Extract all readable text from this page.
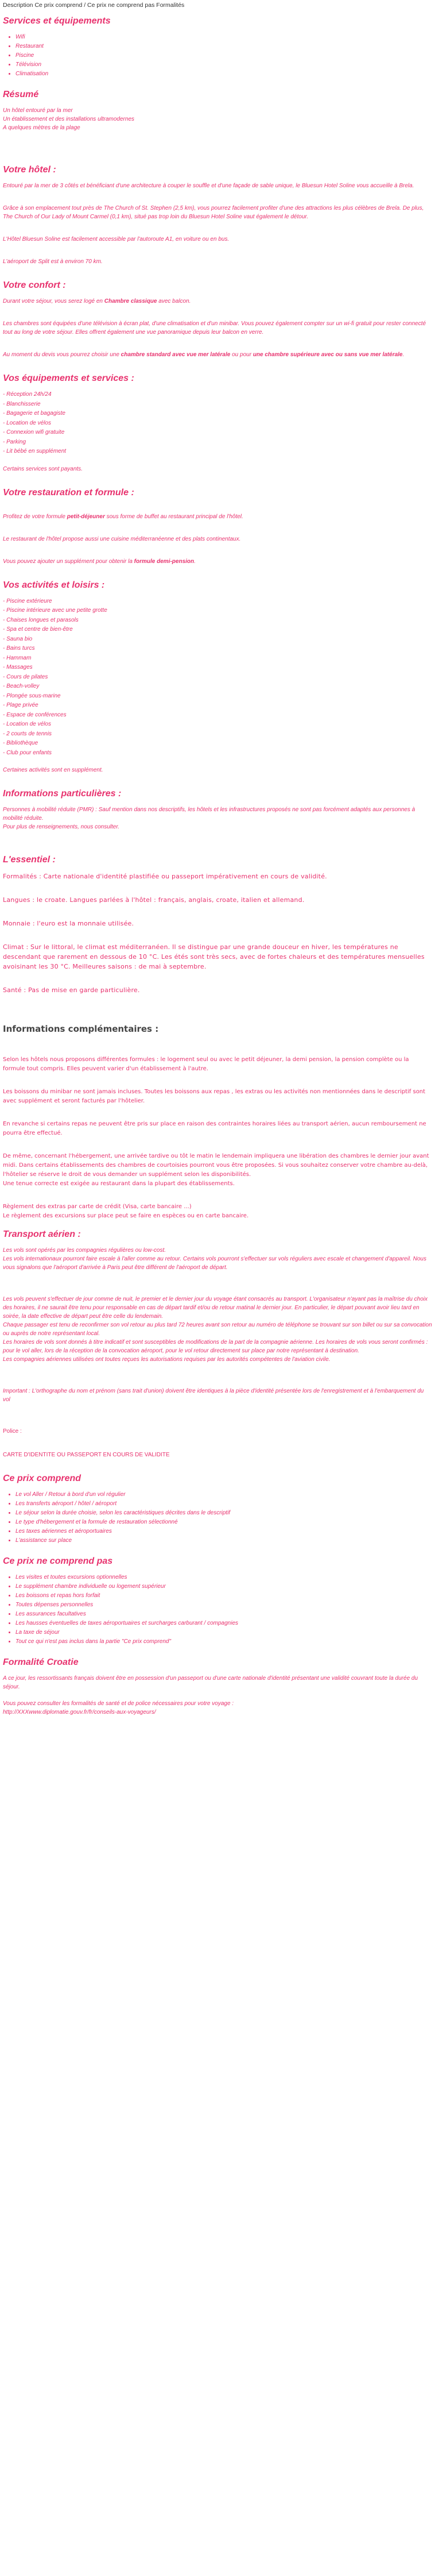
Description Ce prix comprend / Ce prix ne comprend pas Formalités
Services et équipements
• Wifi
• Restaurant
• Piscine
• Télévision
• Climatisation
Résumé

Un hôtel entouré par la mer

Un établissement et des installations ultramodernes

A quelques mètres de la plage

Votre hôtel :

Entouré par la mer de 3 côtés et bénéficiant d'une architecture à couper le souffle et d'une façade de sable unique, le Bluesun Hotel Soline vous accueille à Brela.

Grâce à son emplacement tout près de The Church of St. Stephen (2,5 km), vous pourrez facilement profiter d'une des attractions les plus célèbres de Brela. De plus, The Church of Our Lady of Mount Carmel (0,1 km), situé pas trop loin du Bluesun Hotel Soline vaut également le détour.

L'Hôtel Bluesun Soline est facilement accessible par l'autoroute A1, en voiture ou en bus.

L'aéroport de Split est à environ 70 km.

Votre confort :

Durant votre séjour, vous serez logé en Chambre classique avec balcon.

Les chambres sont équipées d'une télévision à écran plat, d'une climatisation et d'un minibar. Vous pouvez également compter sur un wi-fi gratuit pour rester connecté tout au long de votre séjour. Elles offrent également une vue panoramique depuis leur balcon en verre.

Au moment du devis vous pourrez choisir une chambre standard avec vue mer latérale ou pour une chambre supérieure avec ou sans vue mer latérale.

Vos équipements et services :

- Réception 24h/24

- Blanchisserie

- Bagagerie et bagagiste

- Location de vélos

- Connexion wifi gratuite

- Parking

- Lit bébé en supplément

Certains services sont payants.

Votre restauration et formule :

Profitez de votre formule petit-déjeuner sous forme de buffet au restaurant principal de l'hôtel.

Le restaurant de l'hôtel propose aussi une cuisine méditerranéenne et des plats continentaux.

Vous pouvez ajouter un supplément pour obtenir la formule demi-pension.

Vos activités et loisirs :

- Piscine extérieure

- Piscine intérieure avec une petite grotte

- Chaises longues et parasols

- Spa et centre de bien-être

- Sauna bio

- Bains turcs

- Hammam

- Massages

- Cours de pilates

- Beach-volley

- Plongée sous-marine

- Plage privée

- Espace de conférences

- Location de vélos

- 2 courts de tennis

- Bibliothèque

- Club pour enfants

Certaines activités sont en supplément.

Informations particulières :

Personnes à mobilité réduite (PMR) : Sauf mention dans nos descriptifs, les hôtels et les infrastructures proposés ne sont pas forcément adaptés aux personnes à mobilité réduite.

Pour plus de renseignements, nous consulter.

L'essentiel :

Formalités : Carte nationale d'identité plastifiée ou passeport impérativement en cours de validité.

Langues : le croate. Langues parlées à l'hôtel : français, anglais, croate, italien et allemand.

Monnaie : l'euro est la monnaie utilisée.

Climat : Sur le littoral, le climat est méditerranéen. Il se distingue par une grande douceur en hiver, les températures ne descendant que rarement en dessous de 10 °C. Les étés sont très secs, avec de fortes chaleurs et des températures mensuelles avoisinant les 30 °C. Meilleures saisons : de mai à septembre.

Santé : Pas de mise en garde particulière.

Informations complémentaires :

Selon les hôtels nous proposons différentes formules : le logement seul ou avec le petit déjeuner, la demi pension, la pension complète ou la formule tout compris. Elles peuvent varier d'un établissement à l'autre.

Les boissons du minibar ne sont jamais incluses. Toutes les boissons aux repas , les extras ou les activités non mentionnées dans le descriptif sont avec supplément et seront facturés par l'hôtelier.

En revanche si certains repas ne peuvent être pris sur place en raison des contraintes horaires liées au transport aérien, aucun remboursement ne pourra être effectué.

De même, concernant l'hébergement, une arrivée tardive ou tôt le matin le lendemain impliquera une libération des chambres le dernier jour avant midi. Dans certains établissements des chambres de courtoisies pourront vous être proposées. Si vous souhaitez conserver votre chambre au-delà, l'hôtelier se réserve le droit de vous demander un supplément selon les disponibilités.

Une tenue correcte est exigée au restaurant dans la plupart des établissements.

Règlement des extras par carte de crédit (Visa, carte bancaire ...)

Le règlement des excursions sur place peut se faire en espèces ou en carte bancaire.

Transport aérien :

Les vols sont opérés par les compagnies régulières ou low-cost.

Les vols internationaux pourront faire escale à l'aller comme au retour. Certains vols pourront s'effectuer sur vols réguliers avec escale et changement d'appareil. Nous vous signalons que l'aéroport d'arrivée à Paris peut être différent de l'aéroport de départ.

Les vols peuvent s'effectuer de jour comme de nuit, le premier et le dernier jour du voyage étant consacrés au transport. L'organisateur n'ayant pas la maîtrise du choix des horaires, il ne saurait être tenu pour responsable en cas de départ tardif et/ou de retour matinal le dernier jour. En particulier, le départ pouvant avoir lieu tard en soirée, la date effective de départ peut être celle du lendemain.

Chaque passager est tenu de reconfirmer son vol retour au plus tard 72 heures avant son retour au numéro de téléphone se trouvant sur son billet ou sur sa convocation ou auprès de notre représentant local.

Les horaires de vols sont donnés à titre indicatif et sont susceptibles de modifications de la part de la compagnie aérienne. Les horaires de vols vous seront confirmés : pour le vol aller, lors de la réception de la convocation aéroport, pour le vol retour directement sur place par notre représentant à destination.

Les compagnies aériennes utilisées ont toutes reçues les autorisations requises par les autorités compétentes de l'aviation civile.

Important : L'orthographe du nom et prénom (sans trait d'union) doivent être identiques à la pièce d'identité présentée lors de l'enregistrement et à l'embarquement du vol

Police :

CARTE D'IDENTITE OU PASSEPORT EN COURS DE VALIDITE

Ce prix comprend
• Le vol Aller / Retour à bord d'un vol régulier
• Les transferts aéroport / hôtel / aéroport
• Le séjour selon la durée choisie, selon les caractéristiques décrites dans le descriptif
• Le type d'hébergement et la formule de restauration sélectionné
• Les taxes aériennes et aéroportuaires
• L'assistance sur place
Ce prix ne comprend pas
• Les visites et toutes excursions optionnelles
• Le supplément chambre individuelle ou logement supérieur
• Les boissons et repas hors forfait
• Toutes dépenses personnelles
• Les assurances facultatives
• Les hausses éventuelles de taxes aéroportuaires et surcharges carburant / compagnies
• La taxe de séjour
• Tout ce qui n'est pas inclus dans la partie "Ce prix comprend"
Formalité Croatie

A ce jour, les ressortissants français doivent être en possession d'un passeport ou d'une carte nationale d'identité présentant une validité couvrant toute la durée du séjour.

Vous pouvez consulter les formalités de santé et de police nécessaires pour votre voyage :

http://XXXwww.diplomatie.gouv.fr/fr/conseils-aux-voyageurs/
